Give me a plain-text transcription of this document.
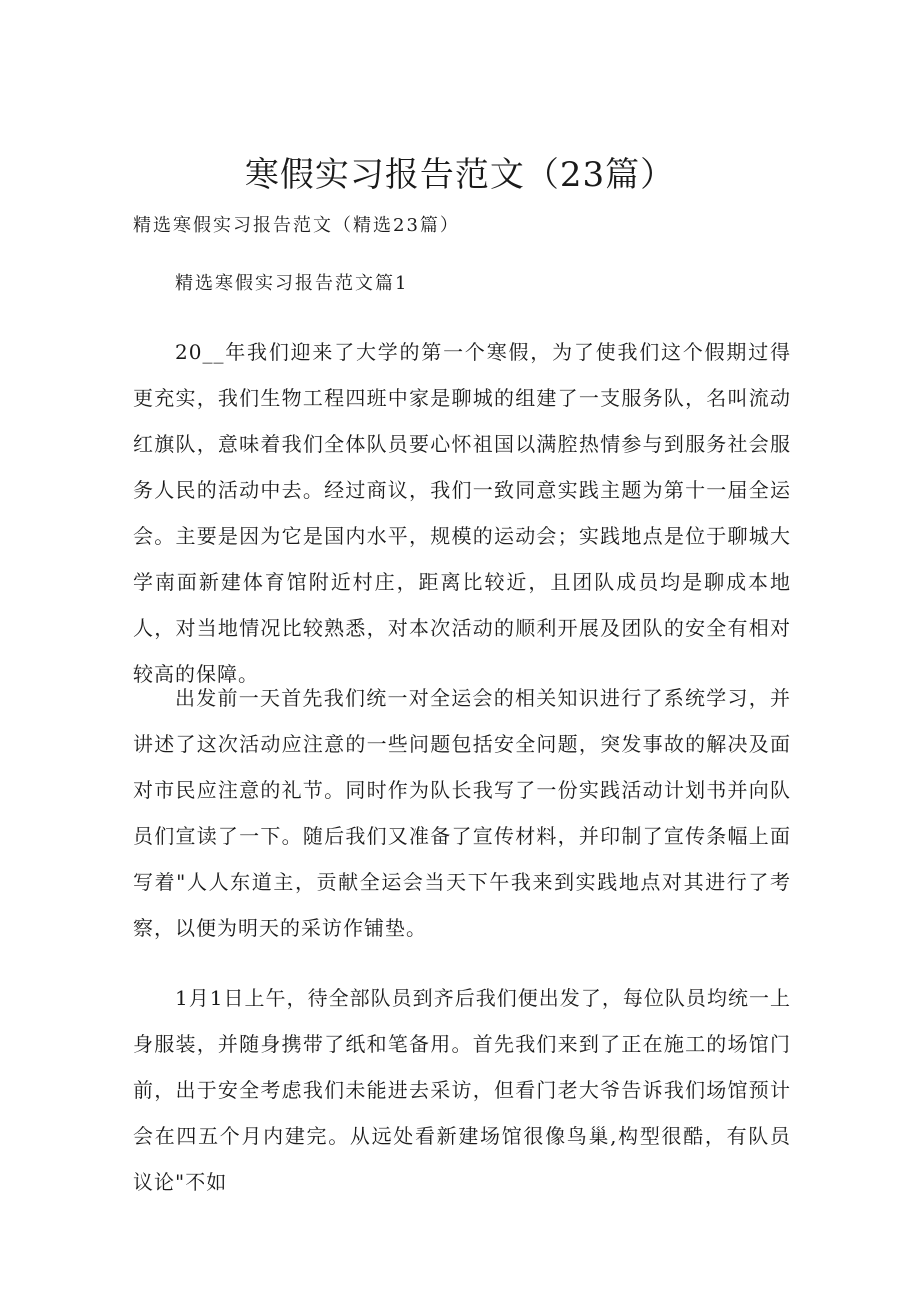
寒假实习报告范文（23篇）

精选寒假实习报告范文（精选23篇）

精选寒假实习报告范文篇1

20__年我们迎来了大学的第一个寒假，为了使我们这个假期过得更充实，我们生物工程四班中家是聊城的组建了一支服务队，名叫流动红旗队，意味着我们全体队员要心怀祖国以满腔热情参与到服务社会服务人民的活动中去。经过商议，我们一致同意实践主题为第十一届全运会。主要是因为它是国内水平，规模的运动会；实践地点是位于聊城大学南面新建体育馆附近村庄，距离比较近，且团队成员均是聊成本地人，对当地情况比较熟悉，对本次活动的顺利开展及团队的安全有相对较高的保障。

出发前一天首先我们统一对全运会的相关知识进行了系统学习，并讲述了这次活动应注意的一些问题包括安全问题，突发事故的解决及面对市民应注意的礼节。同时作为队长我写了一份实践活动计划书并向队员们宣读了一下。随后我们又准备了宣传材料，并印制了宣传条幅上面写着"人人东道主，贡献全运会当天下午我来到实践地点对其进行了考察，以便为明天的采访作铺垫。

1月1日上午，待全部队员到齐后我们便出发了，每位队员均统一上身服装，并随身携带了纸和笔备用。首先我们来到了正在施工的场馆门前，出于安全考虑我们未能进去采访，但看门老大爷告诉我们场馆预计会在四五个月内建完。从远处看新建场馆很像鸟巢,构型很酷，有队员议论"不如
